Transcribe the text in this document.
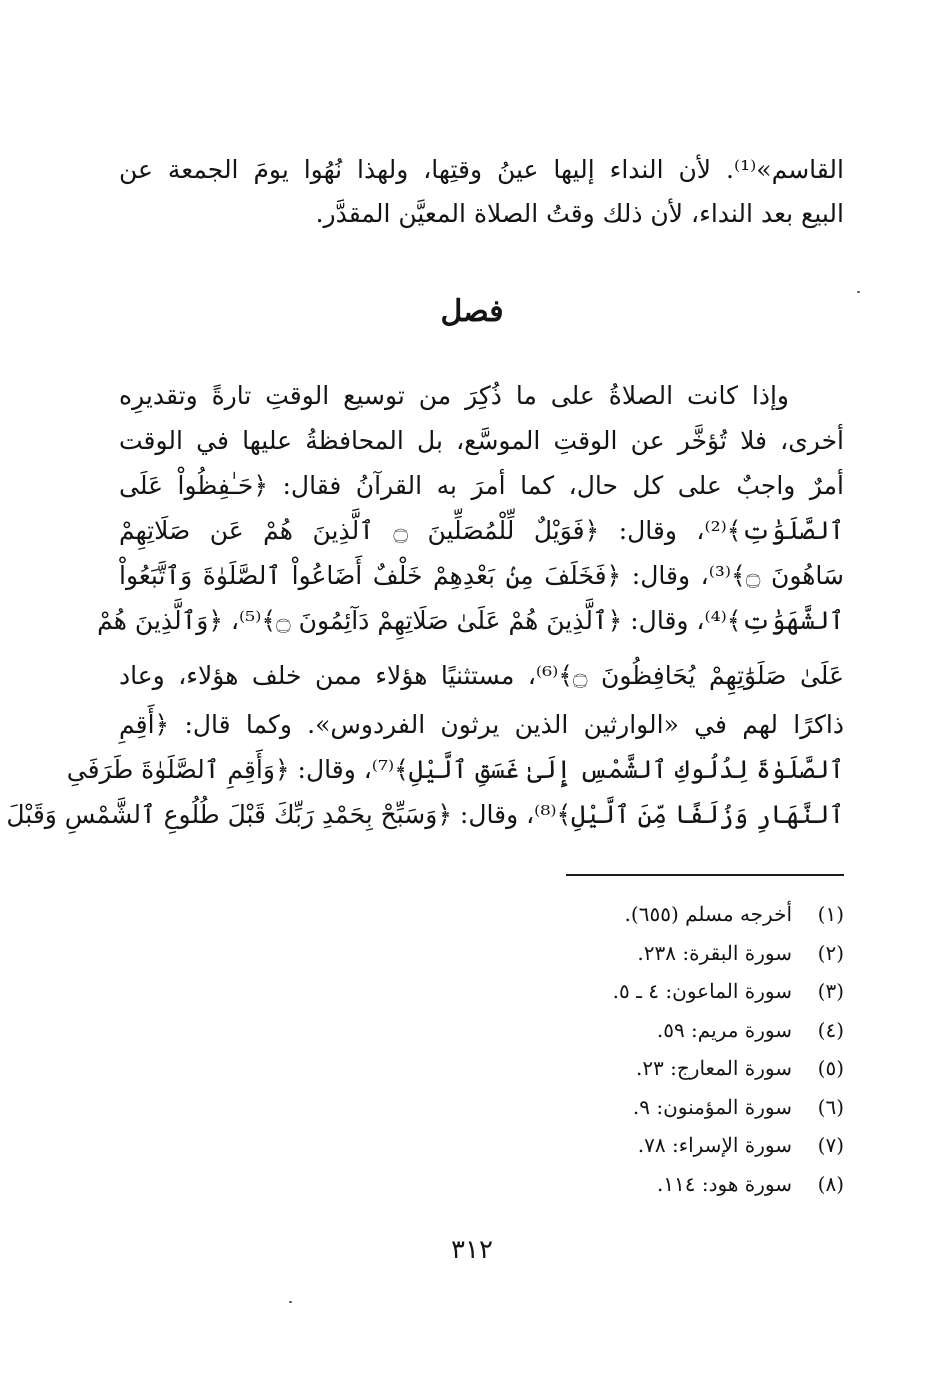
القاسم»⁽¹⁾. لأن النداء إليها عينُ وقتِها، ولهذا نُهُوا يومَ الجمعة عن
البيع بعد النداء، لأن ذلك وقتُ الصلاة المعيَّن المقدَّر.
فصل
وإذا كانت الصلاةُ على ما ذُكِرَ من توسيع الوقتِ تارةً وتقديرِه
أخرى، فلا تُؤخَّر عن الوقتِ الموسَّع، بل المحافظةُ عليها في الوقت
أمرٌ واجبٌ على كل حال، كما أمرَ به القرآنُ فقال: ﴿حَـٰفِظُواْ عَلَى
ٱلصَّلَوَٰتِ﴾⁽²⁾، وقال: ﴿فَوَيْلٌ لِّلْمُصَلِّينَ ۝ ٱلَّذِينَ هُمْ عَن صَلَاتِهِمْ
سَاهُونَ ۝﴾⁽³⁾، وقال: ﴿فَخَلَفَ مِنۢ بَعْدِهِمْ خَلْفٌ أَضَاعُواْ ٱلصَّلَوٰةَ وَٱتَّبَعُواْ
ٱلشَّهَوَٰتِ﴾⁽⁴⁾، وقال: ﴿ٱلَّذِينَ هُمْ عَلَىٰ صَلَاتِهِمْ دَآئِمُونَ ۝﴾⁽⁵⁾، ﴿وَٱلَّذِينَ هُمْ
عَلَىٰ صَلَوَٰتِهِمْ يُحَافِظُونَ ۝﴾⁽⁶⁾، مستثنيًا هؤلاء ممن خلف هؤلاء، وعاد
ذاكرًا لهم في «الوارثين الذين يرثون الفردوس». وكما قال: ﴿أَقِمِ
ٱلصَّلَوٰةَ لِدُلُوكِ ٱلشَّمْسِ إِلَىٰ غَسَقِ ٱلَّيْلِ﴾⁽⁷⁾، وقال: ﴿وَأَقِمِ ٱلصَّلَوٰةَ طَرَفَىِ
ٱلنَّهَارِ وَزُلَفًا مِّنَ ٱلَّيْلِ﴾⁽⁸⁾، وقال: ﴿وَسَبِّحْ بِحَمْدِ رَبِّكَ قَبْلَ طُلُوعِ ٱلشَّمْسِ وَقَبْلَ
(١)أخرجه مسلم (٦٥٥).
(٢)سورة البقرة: ٢٣٨.
(٣)سورة الماعون: ٤ ـ ٥.
(٤)سورة مريم: ٥٩.
(٥)سورة المعارج: ٢٣.
(٦)سورة المؤمنون: ٩.
(٧)سورة الإسراء: ٧٨.
(٨)سورة هود: ١١٤.
٣١٢
